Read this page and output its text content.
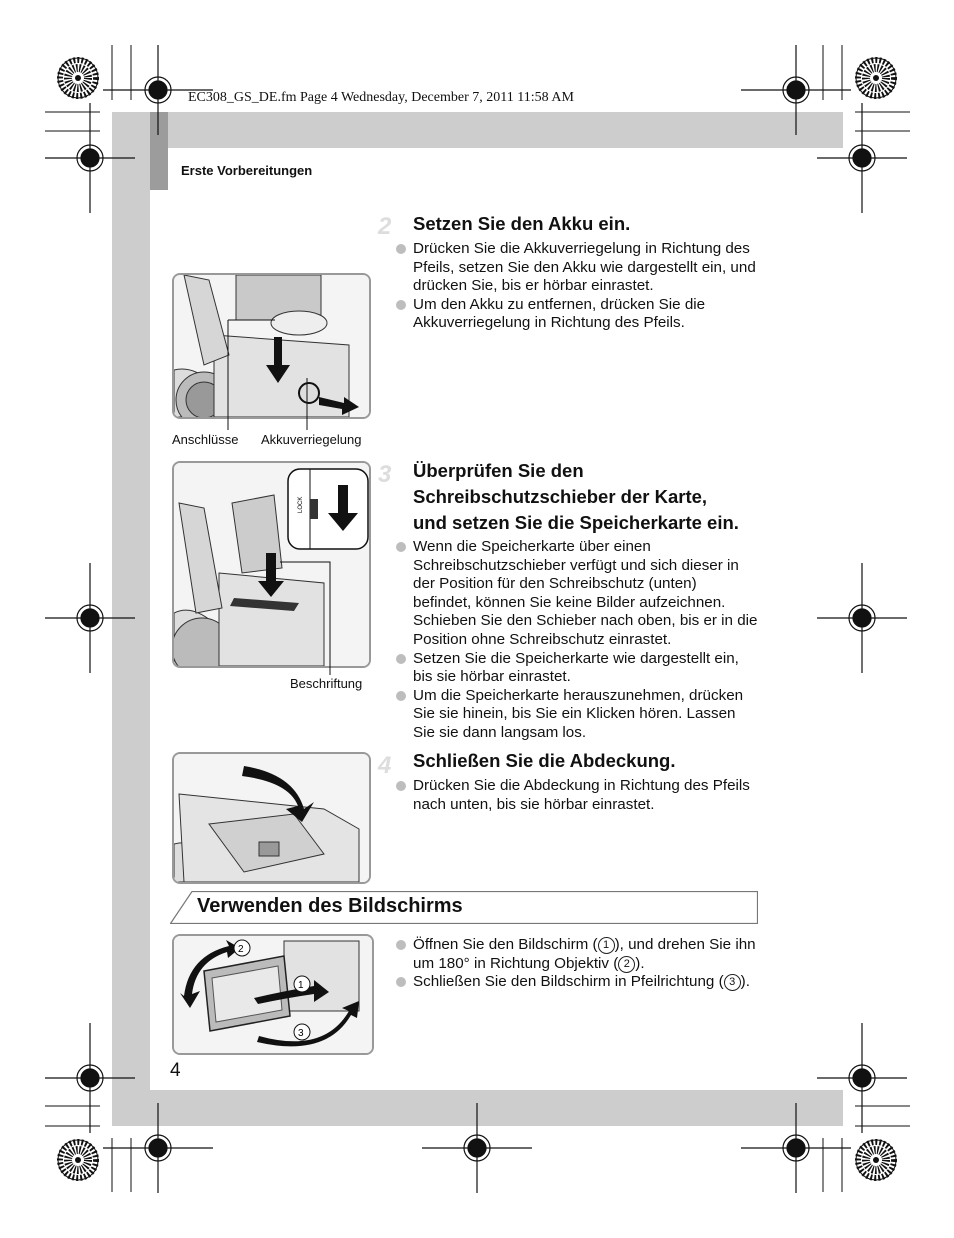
EC308_GS_DE.fm Page 4 Wednesday, December 7, 2011 11:58 AM
Erste Vorbereitungen
2 Setzen Sie den Akku ein.
Drücken Sie die Akkuverriegelung in Richtung des Pfeils, setzen Sie den Akku wie dargestellt ein, und drücken Sie, bis er hörbar einrastet.
Um den Akku zu entfernen, drücken Sie die Akkuverriegelung in Richtung des Pfeils.
Anschlüsse Akkuverriegelung
3 Überprüfen Sie den
Schreibschutzschieber der Karte,
und setzen Sie die Speicherkarte ein.
Wenn die Speicherkarte über einen Schreibschutzschieber verfügt und sich dieser in der Position für den Schreibschutz (unten) befindet, können Sie keine Bilder aufzeichnen. Schieben Sie den Schieber nach oben, bis er in die Position ohne Schreibschutz einrastet.
Setzen Sie die Speicherkarte wie dargestellt ein, bis sie hörbar einrastet.
Um die Speicherkarte herauszunehmen, drücken Sie sie hinein, bis Sie ein Klicken hören. Lassen Sie sie dann langsam los.
LOCK
Beschriftung
4 Schließen Sie die Abdeckung.
Drücken Sie die Abdeckung in Richtung des Pfeils nach unten, bis sie hörbar einrastet.
Verwenden des Bildschirms
2
1
3
Öffnen Sie den Bildschirm ( 1 ), und drehen Sie ihn um 180° in Richtung Objektiv ( 2 ).
Schließen Sie den Bildschirm in Pfeilrichtung ( 3 ).
4
